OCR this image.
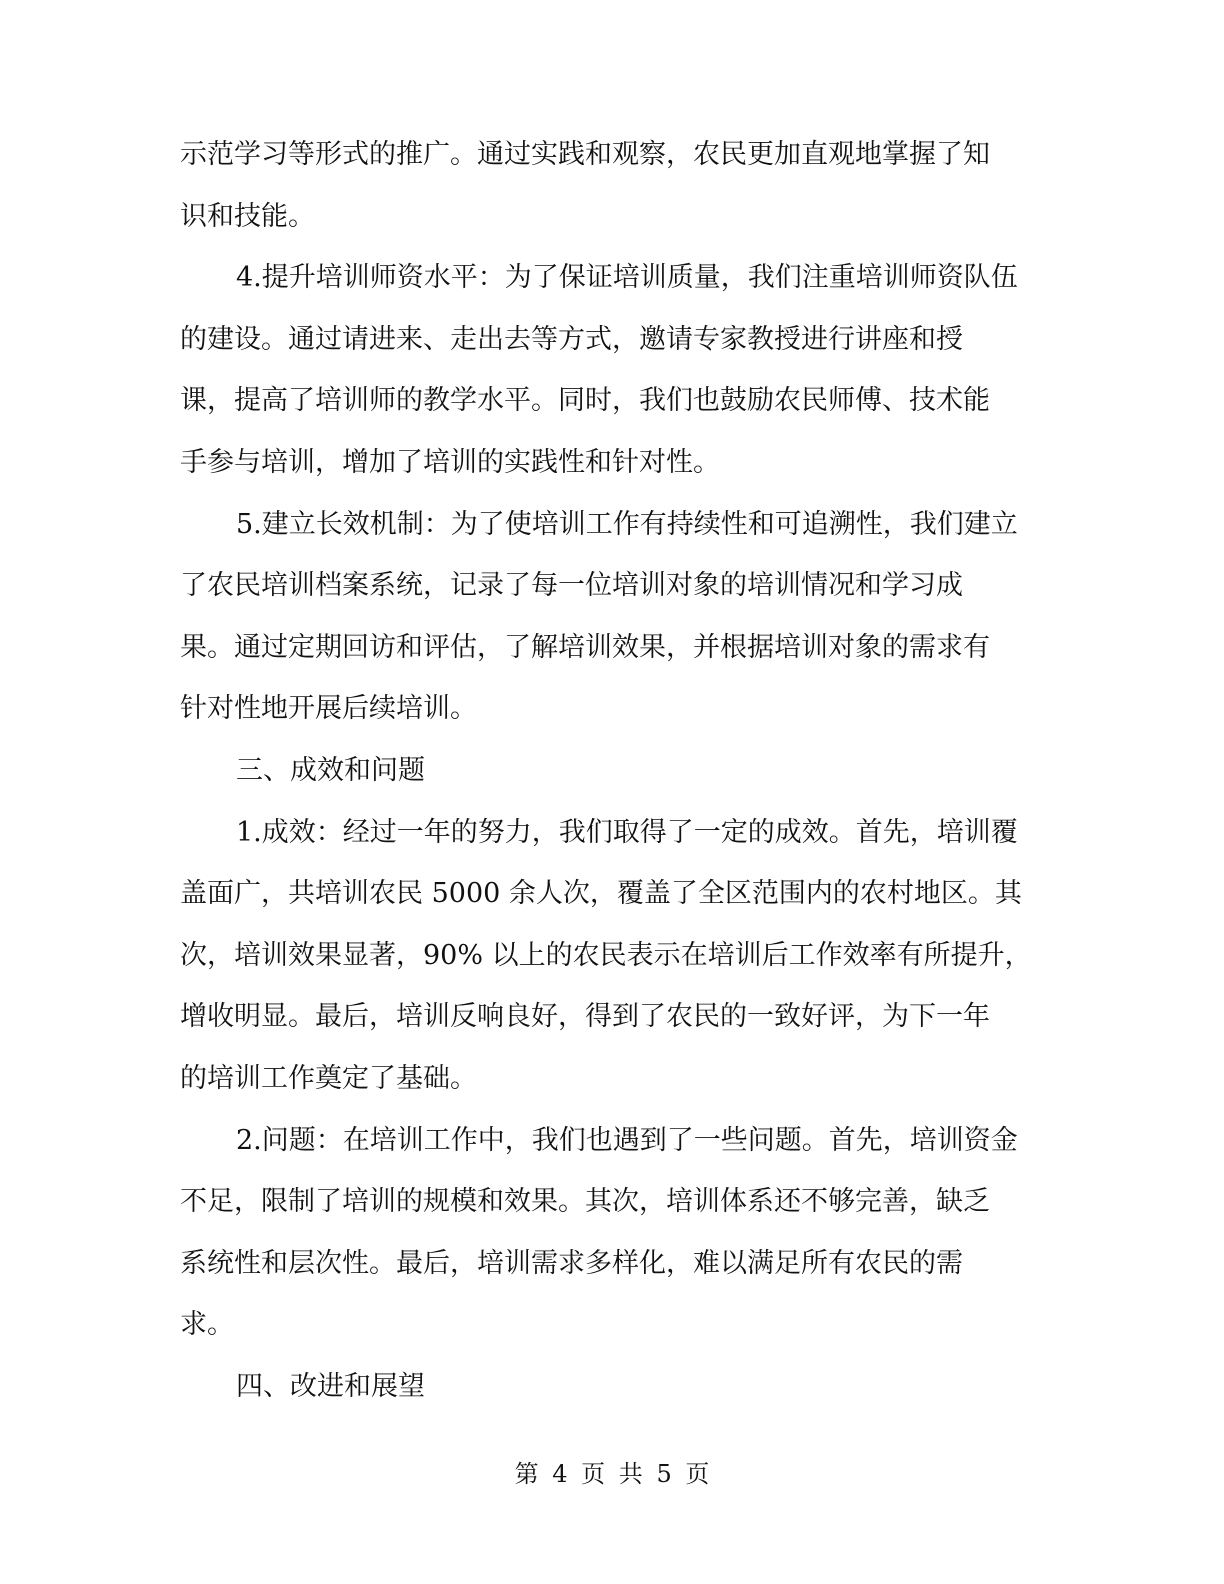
示范学习等形式的推广。通过实践和观察，农民更加直观地掌握了知
识和技能。
4.提升培训师资水平：为了保证培训质量，我们注重培训师资队伍
的建设。通过请进来、走出去等方式，邀请专家教授进行讲座和授
课，提高了培训师的教学水平。同时，我们也鼓励农民师傅、技术能
手参与培训，增加了培训的实践性和针对性。
5.建立长效机制：为了使培训工作有持续性和可追溯性，我们建立
了农民培训档案系统，记录了每一位培训对象的培训情况和学习成
果。通过定期回访和评估，了解培训效果，并根据培训对象的需求有
针对性地开展后续培训。
三、成效和问题
1.成效：经过一年的努力，我们取得了一定的成效。首先，培训覆
盖面广，共培训农民 5000 余人次，覆盖了全区范围内的农村地区。其
次，培训效果显著，90% 以上的农民表示在培训后工作效率有所提升，
增收明显。最后，培训反响良好，得到了农民的一致好评，为下一年
的培训工作奠定了基础。
2.问题：在培训工作中，我们也遇到了一些问题。首先，培训资金
不足，限制了培训的规模和效果。其次，培训体系还不够完善，缺乏
系统性和层次性。最后，培训需求多样化，难以满足所有农民的需
求。
四、改进和展望
第 4 页 共 5 页
